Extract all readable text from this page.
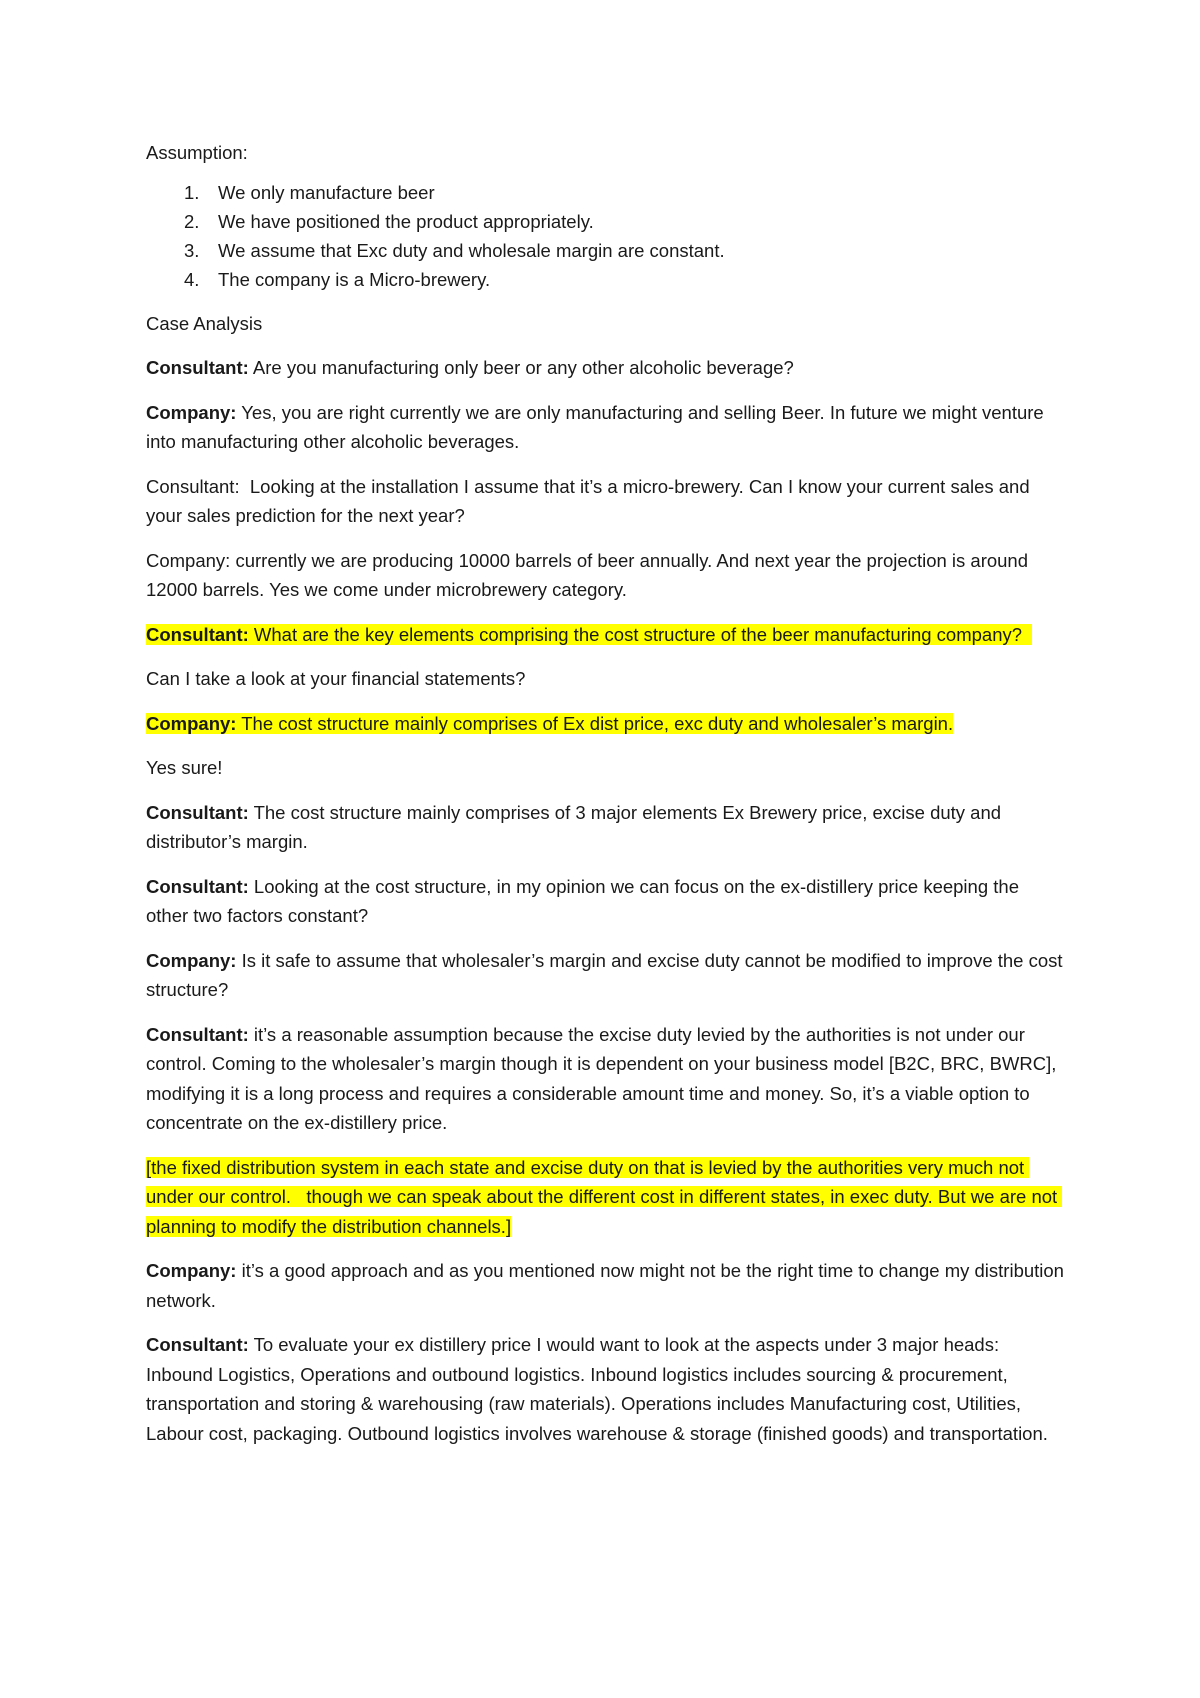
Assumption:

1. We only manufacture beer
2. We have positioned the product appropriately.
3. We assume that Exc duty and wholesale margin are constant.
4. The company is a Micro-brewery.

Case Analysis

Consultant: Are you manufacturing only beer or any other alcoholic beverage?

Company: Yes, you are right currently we are only manufacturing and selling Beer. In future we might venture into manufacturing other alcoholic beverages.

Consultant:  Looking at the installation I assume that it’s a micro-brewery. Can I know your current sales and your sales prediction for the next year?

Company: currently we are producing 10000 barrels of beer annually. And next year the projection is around 12000 barrels. Yes we come under microbrewery category.

Consultant: What are the key elements comprising the cost structure of the beer manufacturing company?

Can I take a look at your financial statements?

Company: The cost structure mainly comprises of Ex dist price, exc duty and wholesaler’s margin.

Yes sure!

Consultant: The cost structure mainly comprises of 3 major elements Ex Brewery price, excise duty and distributor’s margin.

Consultant: Looking at the cost structure, in my opinion we can focus on the ex-distillery price keeping the other two factors constant?

Company: Is it safe to assume that wholesaler’s margin and excise duty cannot be modified to improve the cost structure?

Consultant: it’s a reasonable assumption because the excise duty levied by the authorities is not under our control. Coming to the wholesaler’s margin though it is dependent on your business model [B2C, BRC, BWRC], modifying it is a long process and requires a considerable amount time and money. So, it’s a viable option to concentrate on the ex-distillery price.

[the fixed distribution system in each state and excise duty on that is levied by the authorities very much not under our control.   though we can speak about the different cost in different states, in exec duty. But we are not planning to modify the distribution channels.]

Company: it’s a good approach and as you mentioned now might not be the right time to change my distribution network.

Consultant: To evaluate your ex distillery price I would want to look at the aspects under 3 major heads: Inbound Logistics, Operations and outbound logistics. Inbound logistics includes sourcing & procurement, transportation and storing & warehousing (raw materials). Operations includes Manufacturing cost, Utilities, Labour cost, packaging. Outbound logistics involves warehouse & storage (finished goods) and transportation.
